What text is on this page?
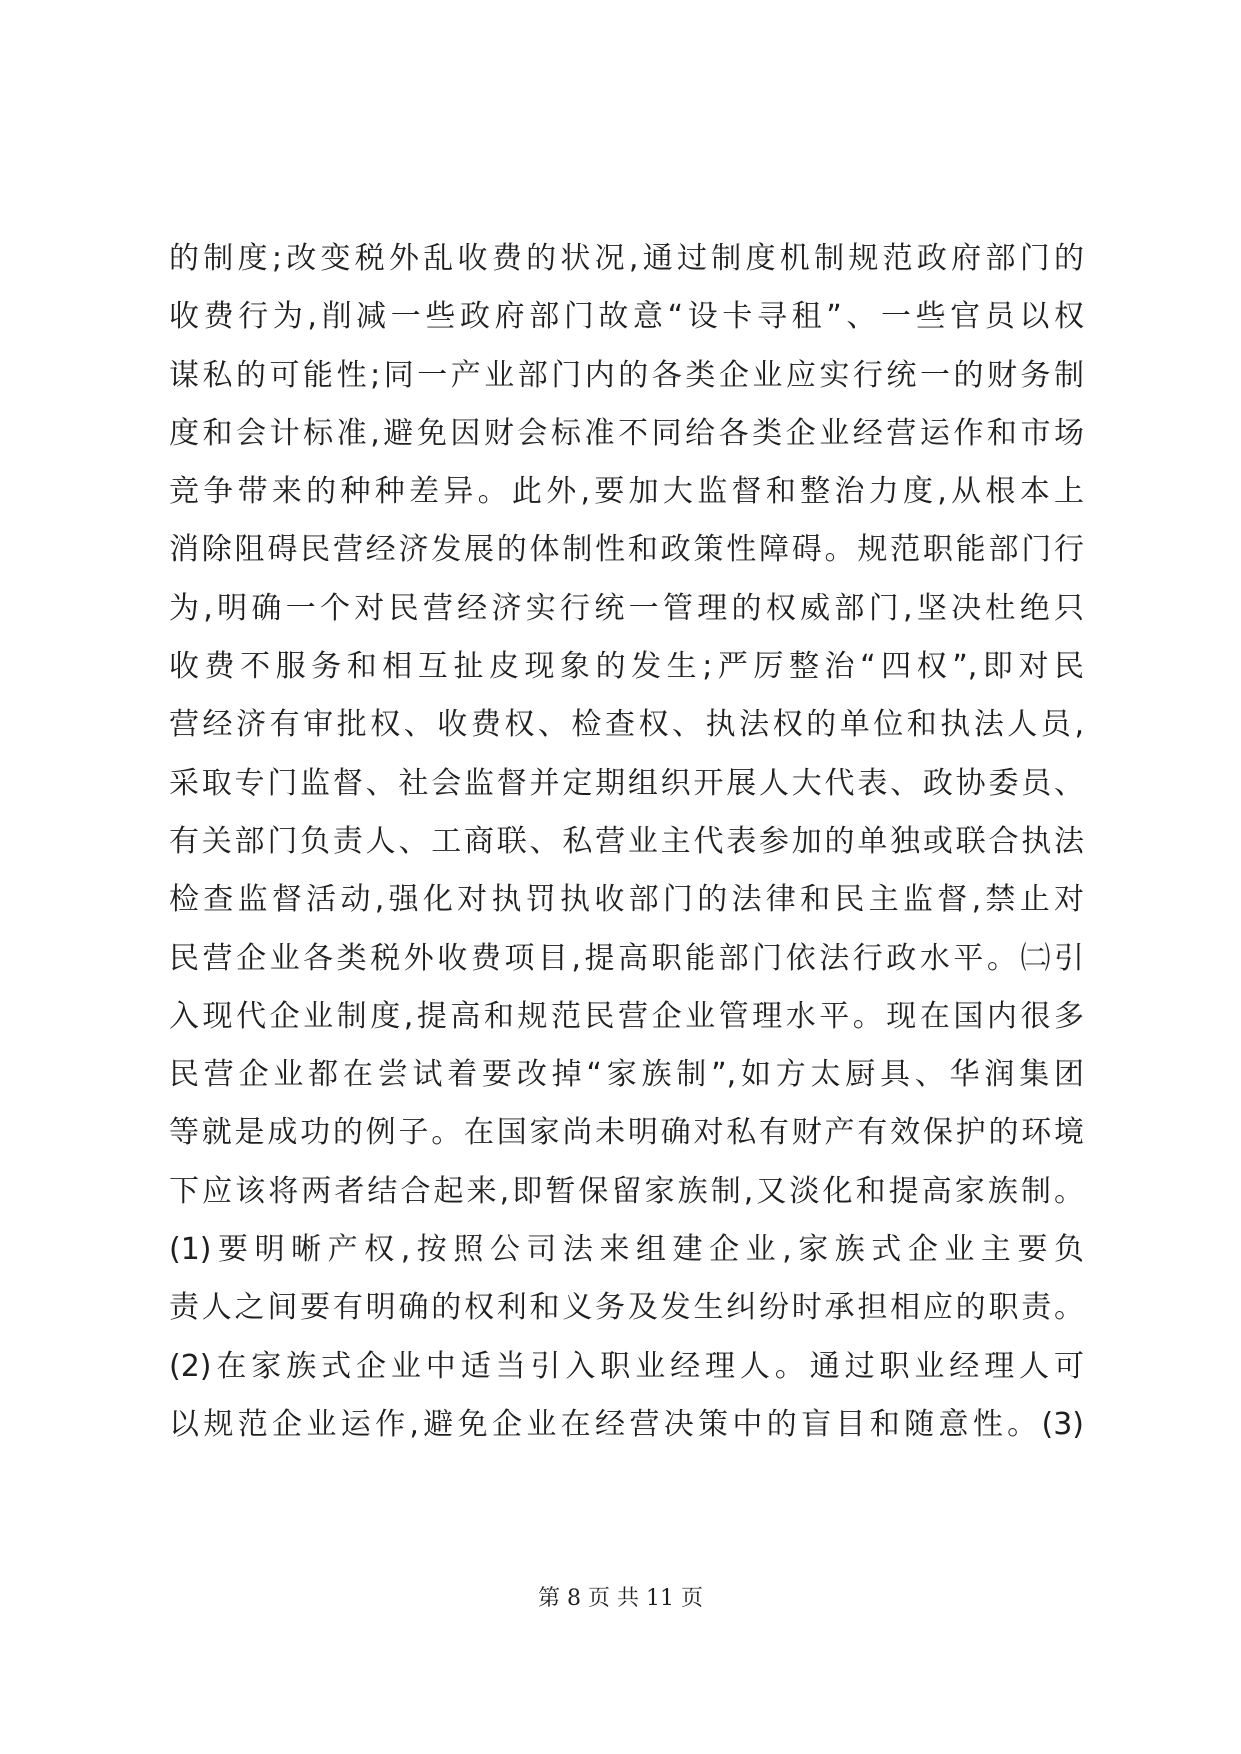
的制度;改变税外乱收费的状况,通过制度机制规范政府部门的
收费行为,削减一些政府部门故意“设卡寻租”、一些官员以权
谋私的可能性;同一产业部门内的各类企业应实行统一的财务制
度和会计标准,避免因财会标准不同给各类企业经营运作和市场
竞争带来的种种差异。此外,要加大监督和整治力度,从根本上
消除阻碍民营经济发展的体制性和政策性障碍。规范职能部门行
为,明确一个对民营经济实行统一管理的权威部门,坚决杜绝只
收费不服务和相互扯皮现象的发生;严厉整治“四权”,即对民
营经济有审批权、收费权、检查权、执法权的单位和执法人员,
采取专门监督、社会监督并定期组织开展人大代表、政协委员、
有关部门负责人、工商联、私营业主代表参加的单独或联合执法
检查监督活动,强化对执罚执收部门的法律和民主监督,禁止对
民营企业各类税外收费项目,提高职能部门依法行政水平。㈡引
入现代企业制度,提高和规范民营企业管理水平。现在国内很多
民营企业都在尝试着要改掉“家族制”,如方太厨具、华润集团
等就是成功的例子。在国家尚未明确对私有财产有效保护的环境
下应该将两者结合起来,即暂保留家族制,又淡化和提高家族制。
(1)要明晰产权,按照公司法来组建企业,家族式企业主要负
责人之间要有明确的权利和义务及发生纠纷时承担相应的职责。
(2)在家族式企业中适当引入职业经理人。通过职业经理人可
以规范企业运作,避免企业在经营决策中的盲目和随意性。(3)
第 8 页 共 11 页
